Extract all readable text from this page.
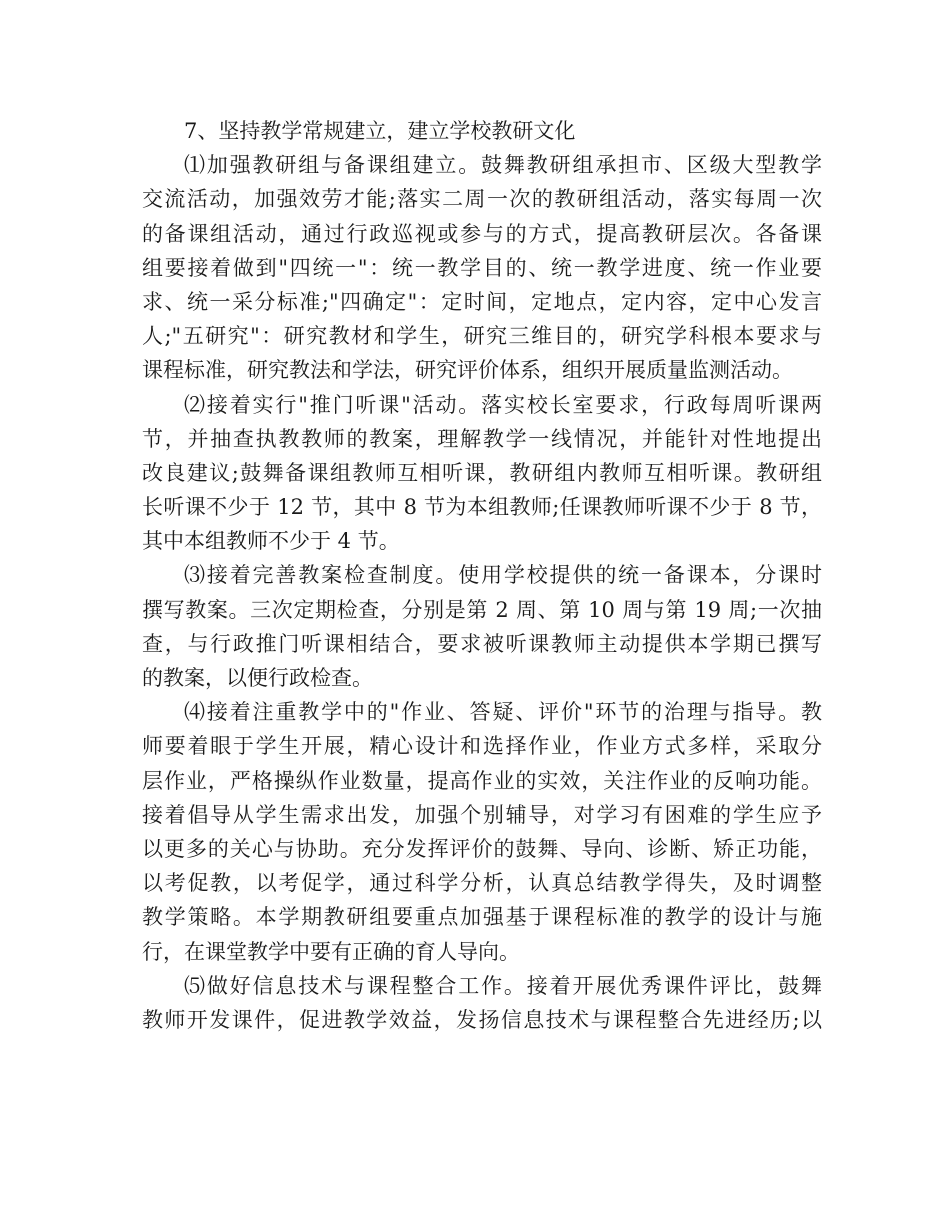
7、坚持教学常规建立，建立学校教研文化
⑴加强教研组与备课组建立。鼓舞教研组承担市、区级大型教学
交流活动，加强效劳才能;落实二周一次的教研组活动，落实每周一次
的备课组活动，通过行政巡视或参与的方式，提高教研层次。各备课
组要接着做到"四统一"：统一教学目的、统一教学进度、统一作业要
求、统一采分标准;"四确定"：定时间，定地点，定内容，定中心发言
人;"五研究"：研究教材和学生，研究三维目的，研究学科根本要求与
课程标准，研究教法和学法，研究评价体系，组织开展质量监测活动。
⑵接着实行"推门听课"活动。落实校长室要求，行政每周听课两
节，并抽查执教教师的教案，理解教学一线情况，并能针对性地提出
改良建议;鼓舞备课组教师互相听课，教研组内教师互相听课。教研组
长听课不少于 12 节，其中 8 节为本组教师;任课教师听课不少于 8 节，
其中本组教师不少于 4 节。
⑶接着完善教案检查制度。使用学校提供的统一备课本，分课时
撰写教案。三次定期检查，分别是第 2 周、第 10 周与第 19 周;一次抽
查，与行政推门听课相结合，要求被听课教师主动提供本学期已撰写
的教案，以便行政检查。
⑷接着注重教学中的"作业、答疑、评价"环节的治理与指导。教
师要着眼于学生开展，精心设计和选择作业，作业方式多样，采取分
层作业，严格操纵作业数量，提高作业的实效，关注作业的反响功能。
接着倡导从学生需求出发，加强个别辅导，对学习有困难的学生应予
以更多的关心与协助。充分发挥评价的鼓舞、导向、诊断、矫正功能，
以考促教，以考促学，通过科学分析，认真总结教学得失，及时调整
教学策略。本学期教研组要重点加强基于课程标准的教学的设计与施
行，在课堂教学中要有正确的育人导向。
⑸做好信息技术与课程整合工作。接着开展优秀课件评比，鼓舞
教师开发课件，促进教学效益，发扬信息技术与课程整合先进经历;以
